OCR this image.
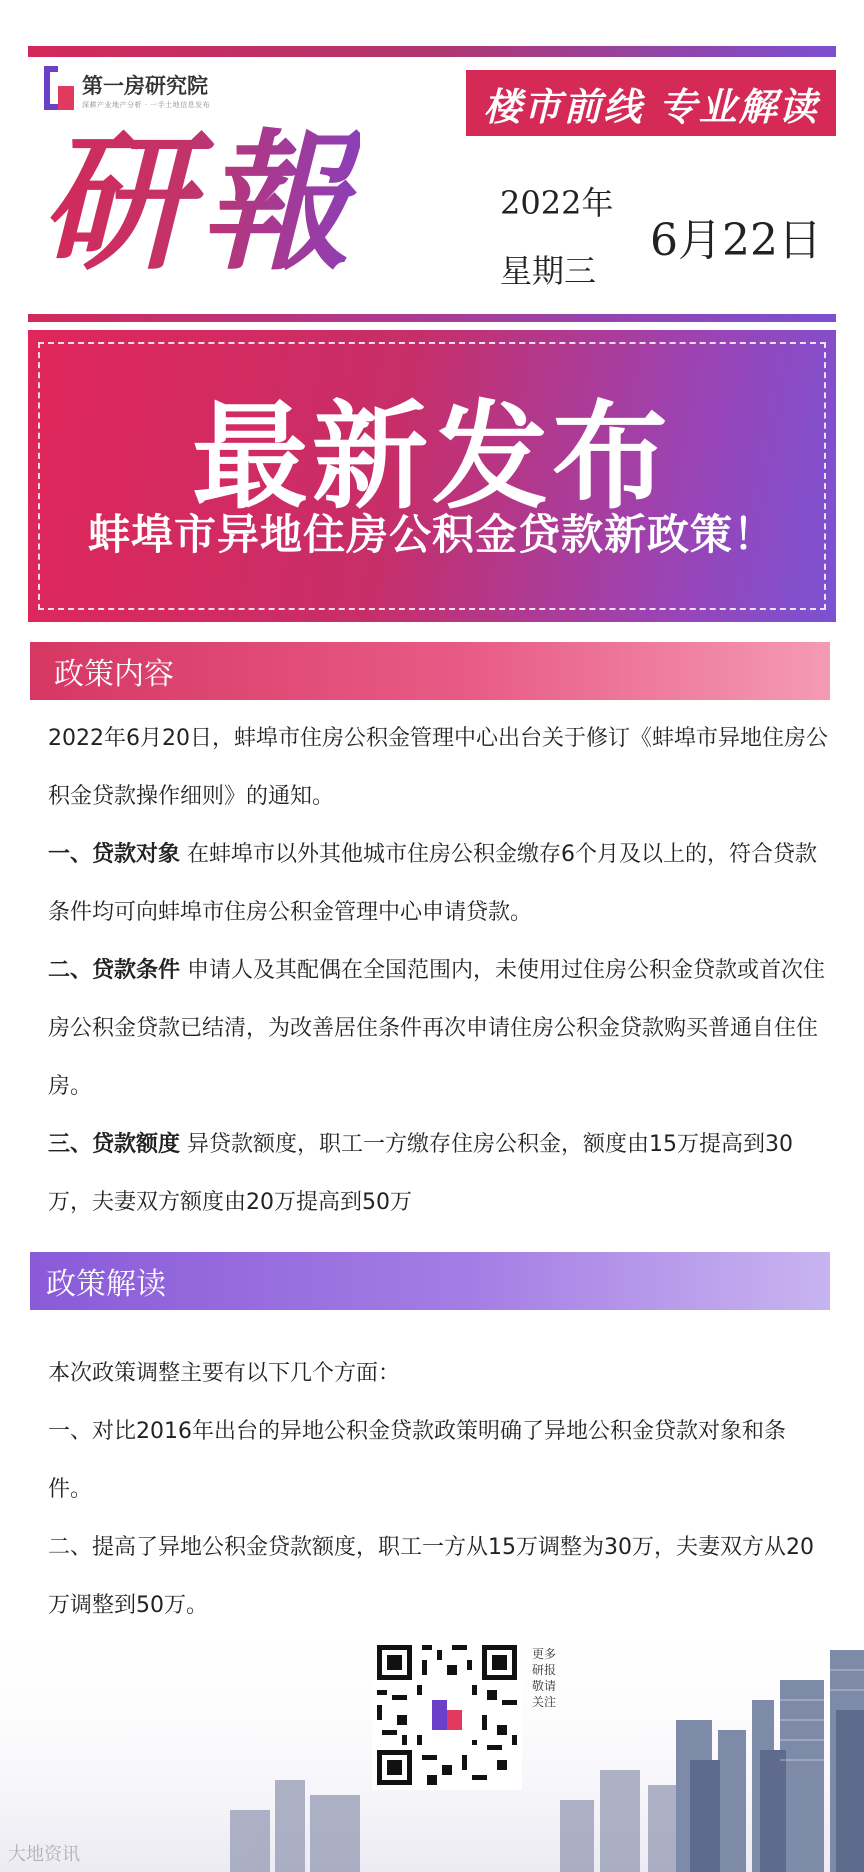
第一房研究院
深耕产业地产分析 · 一手土地信息发布	楼市前线 专业解读
研報	2022年
星期三
6月22日
最新发布
蚌埠市异地住房公积金贷款新政策！
政策内容
2022年6月20日，蚌埠市住房公积金管理中心出台关于修订《蚌埠市异地住房公积金贷款操作细则》的通知。
一、贷款对象 在蚌埠市以外其他城市住房公积金缴存6个月及以上的，符合贷款条件均可向蚌埠市住房公积金管理中心申请贷款。
二、贷款条件 申请人及其配偶在全国范围内，未使用过住房公积金贷款或首次住房公积金贷款已结清，为改善居住条件再次申请住房公积金贷款购买普通自住住房。
三、贷款额度 异贷款额度，职工一方缴存住房公积金，额度由15万提高到30万，夫妻双方额度由20万提高到50万
政策解读
本次政策调整主要有以下几个方面：
一、对比2016年出台的异地公积金贷款政策明确了异地公积金贷款对象和条件。
二、提高了异地公积金贷款额度，职工一方从15万调整为30万，夫妻双方从20万调整到50万。
更多研报 敬请关注
大地资讯
